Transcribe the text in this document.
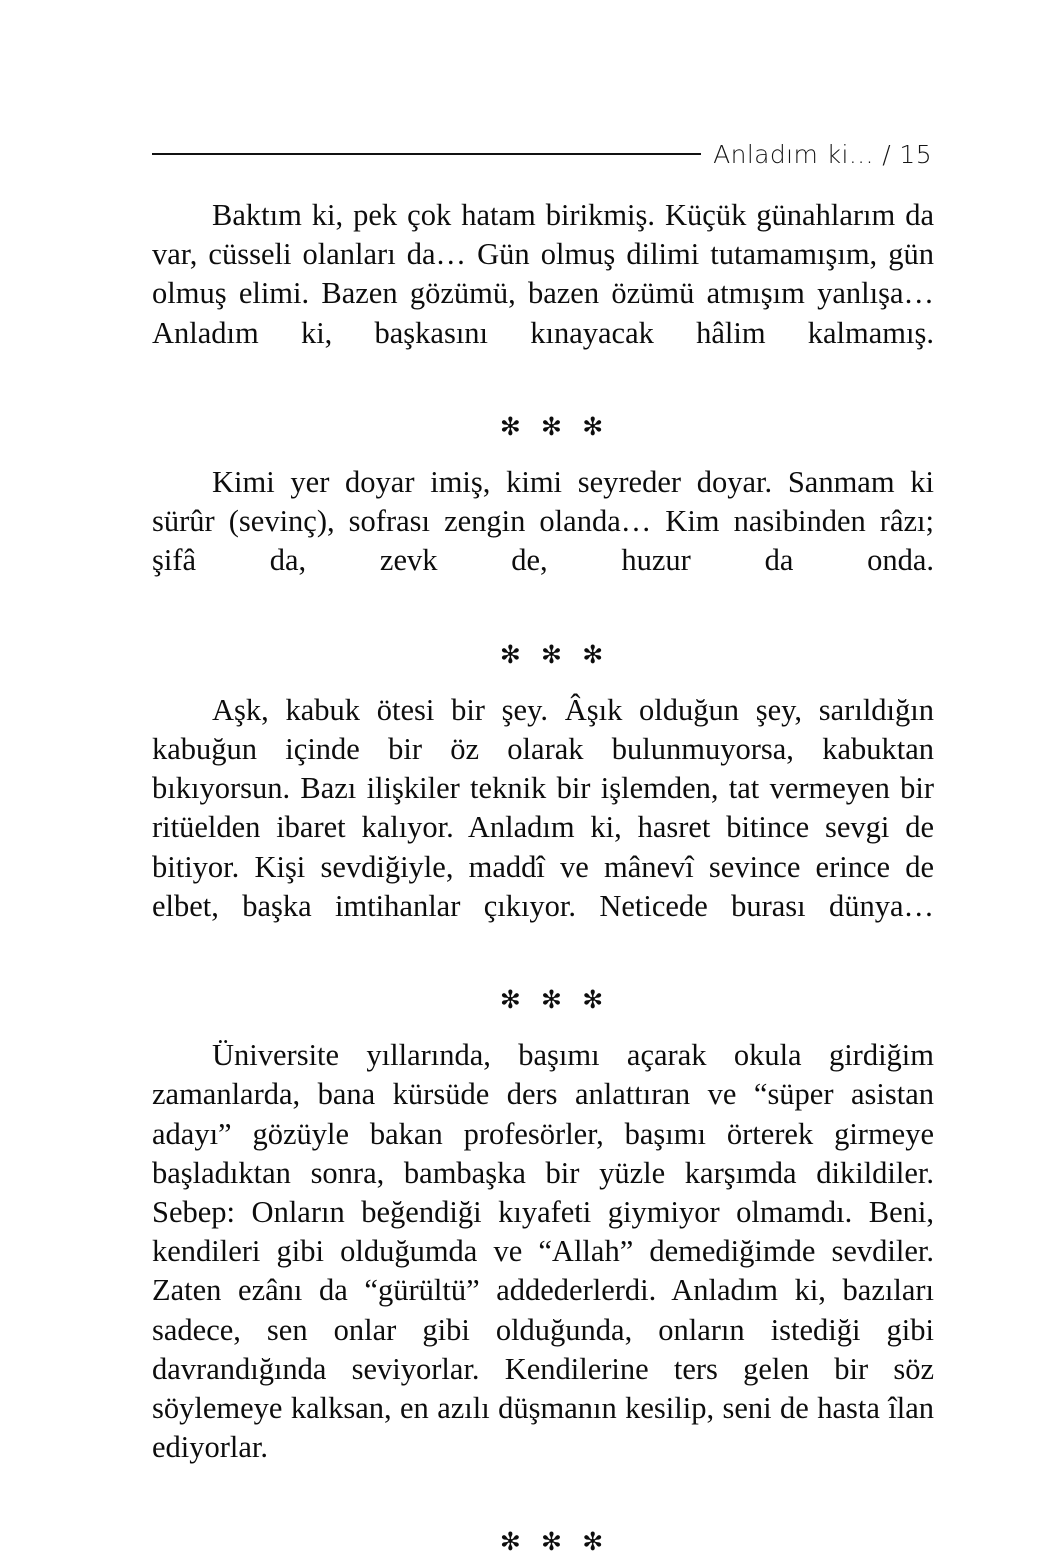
Anladım ki... / 15

Baktım ki, pek çok hatam birikmiş. Küçük günahlarım da var, cüsseli olanları da… Gün olmuş dilimi tutamamışım, gün olmuş elimi. Bazen gözümü, bazen özümü atmışım yanlışa… Anladım ki, başkasını kınayacak hâlim kalmamış.

✻ ✻ ✻

Kimi yer doyar imiş, kimi seyreder doyar. Sanmam ki sürûr (sevinç), sofrası zengin olanda… Kim nasibinden râzı; şifâ da, zevk de, huzur da onda.

✻ ✻ ✻

Aşk, kabuk ötesi bir şey. Âşık olduğun şey, sarıldığın kabuğun içinde bir öz olarak bulunmuyorsa, kabuktan bıkıyorsun. Bazı ilişkiler teknik bir işlemden, tat vermeyen bir ritüelden ibaret kalıyor. Anladım ki, hasret bitince sevgi de bitiyor. Kişi sevdiğiyle, maddî ve mânevî sevince erince de elbet, başka imtihanlar çıkıyor. Neticede burası dünya…

✻ ✻ ✻

Üniversite yıllarında, başımı açarak okula girdiğim zamanlarda, bana kürsüde ders anlattıran ve “süper asistan adayı” gözüyle bakan profesörler, başımı örterek girmeye başladıktan sonra, bambaşka bir yüzle karşımda dikildiler. Sebep: Onların beğendiği kıyafeti giymiyor olmamdı. Beni, kendileri gibi olduğumda ve “Allah” demediğimde sevdiler. Zaten ezânı da “gürültü” addederlerdi. Anladım ki, bazıları sadece, sen onlar gibi olduğunda, onların istediği gibi davrandığında seviyorlar. Kendilerine ters gelen bir söz söylemeye kalksan, en azılı düşmanın kesilip, seni de hasta îlan ediyorlar.

✻ ✻ ✻
